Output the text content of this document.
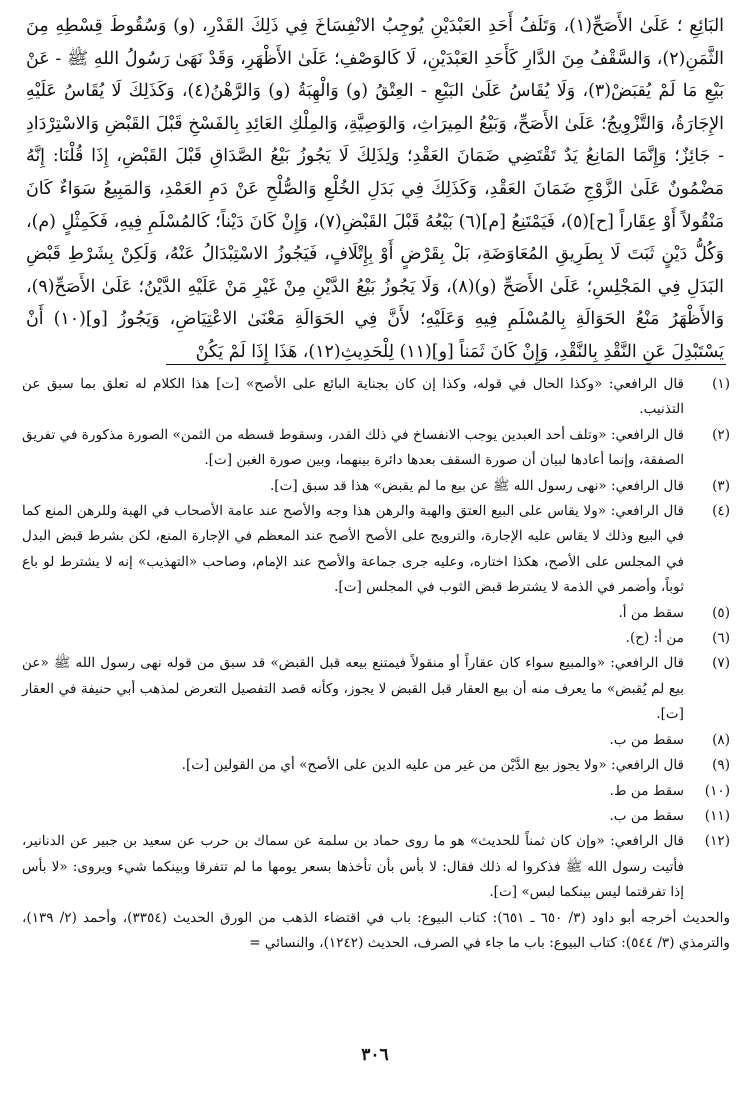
البَائِعِ ؛ عَلَىٰ الأَصَحِّ(١)، وَتَلَفُ أَحَدِ العَبْدَيْنِ يُوجِبُ الانْفِسَاخَ فِي ذَلِكَ القَدْرِ، (و) وَسُقُوطَ قِسْطِهِ مِنَ الثَّمَنِ(٢)، وَالسَّقْفُ مِنَ الدَّارِ كَأَحَدِ العَبْدَيْنِ، لَا كَالوَصْفِ؛ عَلَىٰ الأَظْهَرِ، وَقَدْ نَهَىٰ رَسُولُ اللهِ ﷺ - عَنْ بَيْعِ مَا لَمْ يُقبَضْ(٣)، وَلَا يُقَاسُ عَلَىٰ البَيْعِ - العِتْقُ (و) وَالْهِبَةُ (و) وَالرَّهْنُ(٤)، وَكَذَلِكَ لَا يُقَاسُ عَلَيْهِ الإِجَارَةُ، وَالتَّزْوِيجُ؛ عَلَىٰ الأَصَحِّ، وَبَيْعُ المِيرَاثِ، وَالوَصِيَّةِ، وَالمِلْكِ العَائِدِ بِالفَسْخِ قَبْلَ القَبْضِ وَالاسْتِرْدَادِ - جَائِزٌ؛ وَإِنَّمَا المَانِعُ يَدٌ تَقْتَضِي ضَمَانَ العَقْدِ؛ وَلِذَلِكَ لَا يَجُوزُ بَيْعُ الصَّدَاقِ قَبْلَ القَبْضِ، إِذَا قُلْنَا: إِنَّهُ مَضْمُونٌ عَلَىٰ الزَّوْجِ ضَمَانَ العَقْدِ، وَكَذَلِكَ فِي بَدَلِ الخُلْعِ وَالصُّلْحِ عَنْ دَمِ العَمْدِ، وَالمَبِيعُ سَوَاءٌ كَانَ مَنْقُولاً أَوْ عِقَاراً [ح](٥)، فَيَمْتَنِعُ [م](٦) بَيْعُهُ قَبْلَ القَبْضِ(٧)، وَإِنْ كَانَ دَيْناً؛ كَالمُسْلَمِ فِيهِ، فَكَمِثْلٍ (م)، وَكُلُّ دَيْنٍ ثَبَتَ لَا بِطَرِيقِ المُعَاوَضَةِ، بَلْ بِقَرْضٍ أَوْ بِإِتْلَافٍ، فَيَجُوزُ الاسْتِبْدَالُ عَنْهُ، وَلَكِنْ بِشَرْطِ قَبْضِ البَدَلِ فِي المَجْلِسِ؛ عَلَىٰ الأَصَحِّ (و)(٨)، وَلَا يَجُوزُ بَيْعُ الدَّيْنِ مِنْ غَيْرِ مَنْ عَلَيْهِ الدَّيْنُ؛ عَلَىٰ الأَصَحِّ(٩)، وَالأَظْهَرُ مَنْعُ الحَوَالَةِ بِالمُسْلَمِ فِيهِ وَعَلَيْهِ؛ لأَنَّ فِي الحَوَالَةِ مَعْنَىٰ الاعْتِيَاضِ، وَيَجُوزُ [و](١٠) أَنْ يَسْتَبْدِلَ عَنِ النَّقْدِ بِالنَّقْدِ، وَإِنْ كَانَ ثَمَناً [و](١١) لِلْحَدِيثِ(١٢)، هَذَا إِذَا لَمْ يَكُنْ

(١)
قال الرافعي: «وكذا الحال في قوله، وكذا إن كان بجناية البائع على الأصح» [ت] هذا الكلام له تعلق بما سبق عن التذنيب.
(٢)
قال الرافعي: «وتلف أحد العبدين يوجب الانفساخ في ذلك القدر، وسقوط قسطه من الثمن» الصورة مذكورة في تفريق الصفقة، وإنما أعادها لبيان أن صورة السقف بعدها دائرة بينهما، وبين صورة الغبن [ت].
(٣)
قال الرافعي: «نهى رسول الله ﷺ عن بيع ما لم يقبض» هذا قد سبق [ت].
(٤)
قال الرافعي: «ولا يقاس على البيع العتق والهبة والرهن هذا وجه والأصح عند عامة الأصحاب في الهبة وللرهن المنع كما في البيع وذلك لا يقاس عليه الإجارة، والترويج على الأصح الأصح عند المعظم في الإجارة المنع، لكن بشرط قبض البدل في المجلس على الأصح، هكذا اختاره، وعليه جرى جماعة والأصح عند الإمام، وصاحب «التهذيب» إنه لا يشترط لو باع ثوباً، وأضمر في الذمة لا يشترط قبض الثوب في المجلس [ت].
(٥)
سقط من أ.
(٦)
من أ: (ح).
(٧)
قال الرافعي: «والمبيع سواء كان عقاراً أو منقولاً فيمتنع بيعه قبل القبض» قد سبق من قوله نهى رسول الله ﷺ «عن بيع لم يُقبض» ما يعرف منه أن بيع العقار قبل القبض لا يجوز، وكأنه قصد التفصيل التعرض لمذهب أبي حنيفة في العقار [ت].
(٨)
سقط من ب.
(٩)
قال الرافعي: «ولا يجوز بيع الدَّيْن من غير من عليه الدين على الأصح» أي من القولين [ت].
(١٠)
سقط من ط.
(١١)
سقط من ب.
(١٢)
قال الرافعي: «وإن كان ثمناً للحديث» هو ما روى حماد بن سلمة عن سماك بن حرب عن سعيد بن جبير عن الدنانير، فأتيت رسول الله ﷺ فذكروا له ذلك فقال: لا بأس بأن تأخذها بسعر يومها ما لم تتفرقا وبينكما شيء ويروى: «لا بأس إذا تفرقتما ليس بينكما لبس» [ت].
والحديث أخرجه أبو داود (٣/ ٦٥٠ ـ ٦٥١): كتاب البيوع: باب في اقتضاء الذهب من الورق الحديث (٣٣٥٤)، وأحمد (٢/ ١٣٩)، والترمذي (٣/ ٥٤٤): كتاب البيوع: باب ما جاء في الصرف، الحديث (١٢٤٢)، والنسائي =
٣٠٦
